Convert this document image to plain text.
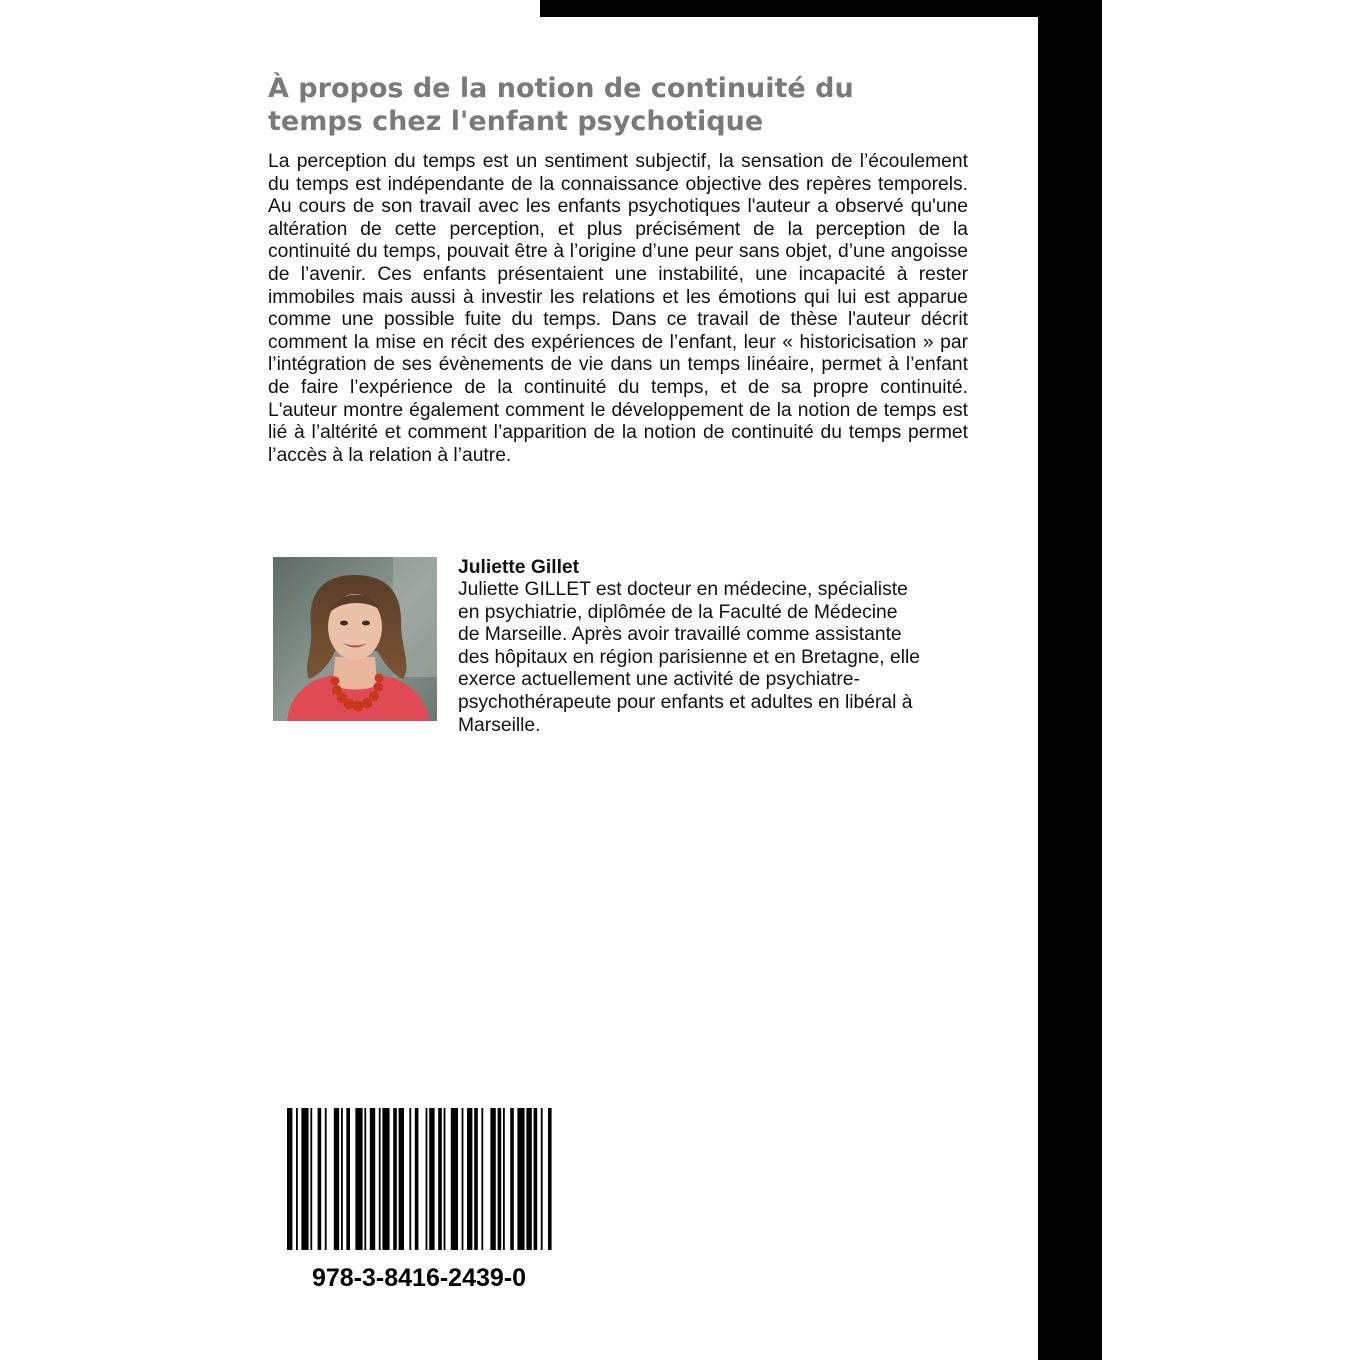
À propos de la notion de continuité du
temps chez l'enfant psychotique

La perception du temps est un sentiment subjectif, la sensation de l’écoulement du temps est indépendante de la connaissance objective des repères temporels. Au cours de son travail avec les enfants psychotiques l'auteur a observé qu'une altération de cette perception, et plus précisément de la perception de la continuité du temps, pouvait être à l’origine d’une peur sans objet, d’une angoisse de l’avenir. Ces enfants présentaient une instabilité, une incapacité à rester immobiles mais aussi à investir les relations et les émotions qui lui est apparue comme une possible fuite du temps. Dans ce travail de thèse l'auteur décrit comment la mise en récit des expériences de l’enfant, leur « historicisation » par l’intégration de ses évènements de vie dans un temps linéaire, permet à l’enfant de faire l’expérience de la continuité du temps, et de sa propre continuité. L'auteur montre également comment le développement de la notion de temps est lié à l’altérité et comment l’apparition de la notion de continuité du temps permet l’accès à la relation à l’autre.

Juliette Gillet
Juliette GILLET est docteur en médecine, spécialiste
en psychiatrie, diplômée de la Faculté de Médecine
de Marseille. Après avoir travaillé comme assistante
des hôpitaux en région parisienne et en Bretagne, elle
exerce actuellement une activité de psychiatre-
psychothérapeute pour enfants et adultes en libéral à
Marseille.
978-3-8416-2439-0
